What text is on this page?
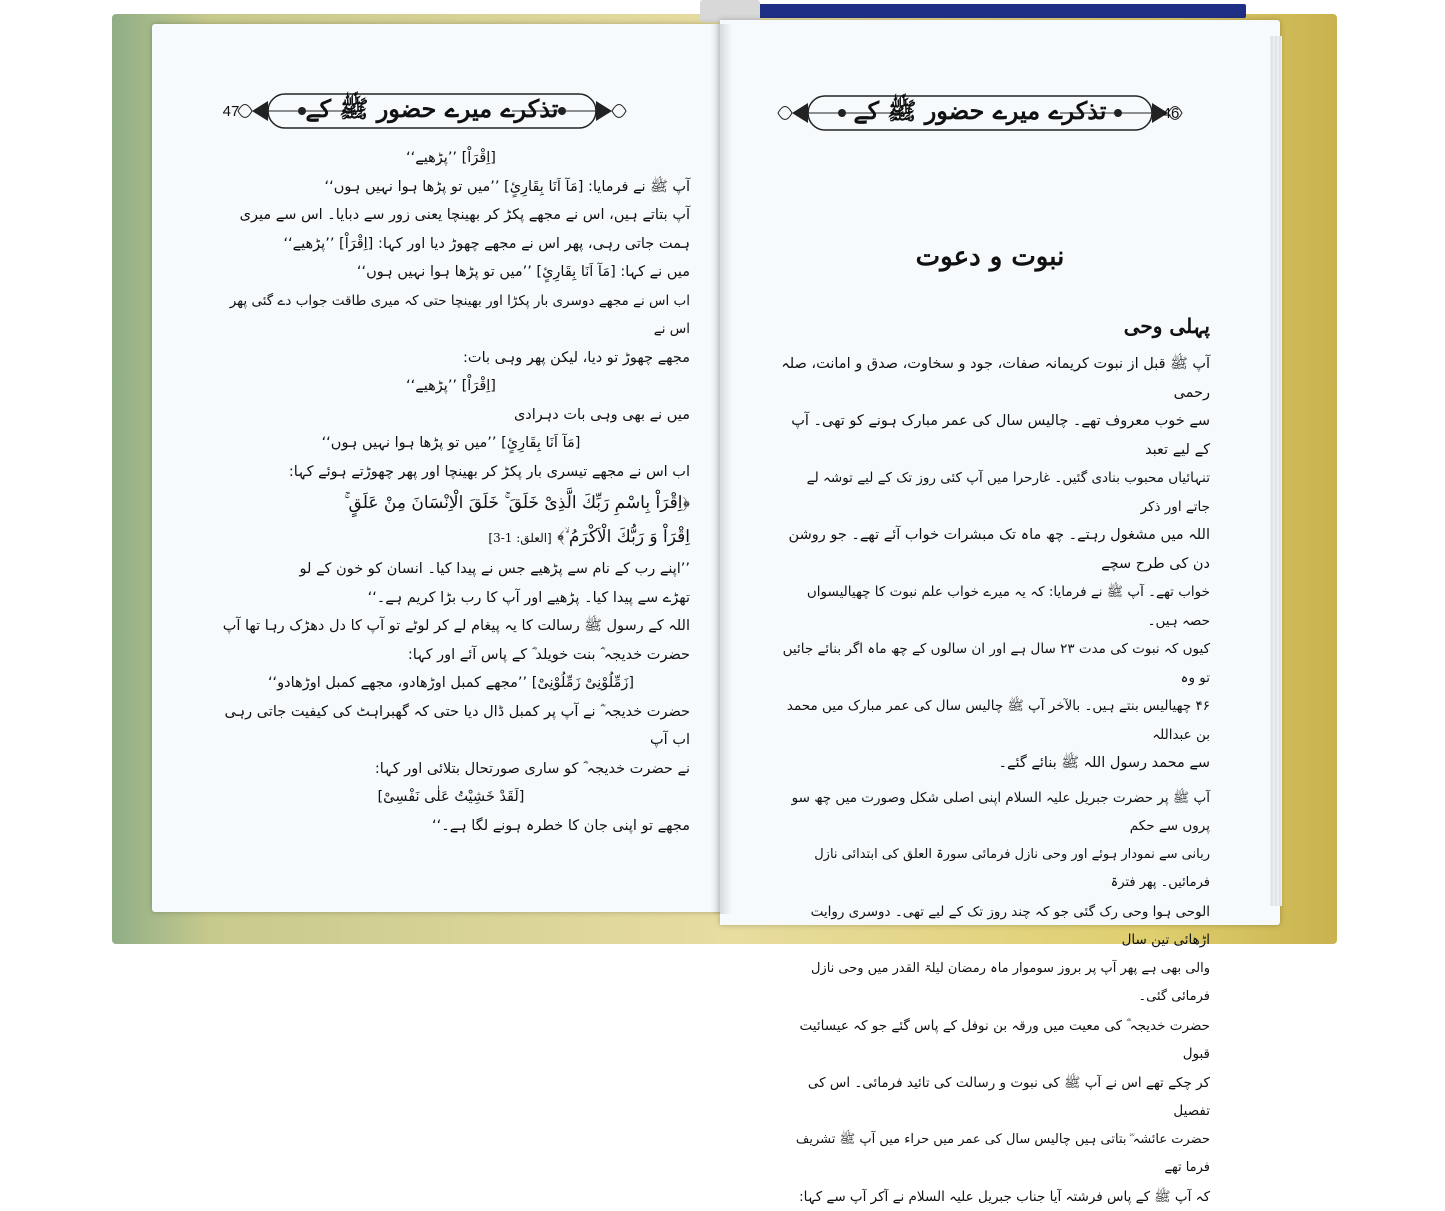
تذکرے میرے حضور ﷺ کے
47

[اِقْرَاْ] ’’پڑھیے‘‘

آپ ﷺ نے فرمایا: [مَآ اَنَا بِقَارِئٍ] ’’میں تو پڑھا ہوا نہیں ہوں‘‘

آپ بتاتے ہیں، اس نے مجھے پکڑ کر بھینچا یعنی زور سے دبایا۔ اس سے میری

ہمت جاتی رہی، پھر اس نے مجھے چھوڑ دیا اور کہا: [اِقْرَاْ] ’’پڑھیے‘‘

میں نے کہا: [مَآ اَنَا بِقَارِئٍ] ’’میں تو پڑھا ہوا نہیں ہوں‘‘

اب اس نے مجھے دوسری بار پکڑا اور بھینچا حتی کہ میری طاقت جواب دے گئی پھر اس نے

مجھے چھوڑ تو دیا، لیکن پھر وہی بات:

[اِقْرَاْ] ’’پڑھیے‘‘

میں نے بھی وہی بات دہرادی

[مَآ اَنَا بِقَارِئٍ] ’’میں تو پڑھا ہوا نہیں ہوں‘‘

اب اس نے مجھے تیسری بار پکڑ کر بھینچا اور پھر چھوڑتے ہوئے کہا:

﴿اِقْرَاْ بِاسْمِ رَبِّكَ الَّذِىْ خَلَقَ ۚ خَلَقَ الْاِنْسَانَ مِنْ عَلَقٍ ۚ

اِقْرَاْ وَ رَبُّكَ الْاَكْرَمُ ۙ﴾ [العلق: 1-3]

’’اپنے رب کے نام سے پڑھیے جس نے پیدا کیا۔ انسان کو خون کے لو

تھڑے سے پیدا کیا۔ پڑھیے اور آپ کا رب بڑا کریم ہے۔‘‘

اللہ کے رسول ﷺ رسالت کا یہ پیغام لے کر لوٹے تو آپ کا دل دھڑک رہا تھا آپ

حضرت خدیجہ ؓ بنت خویلد ؓ کے پاس آئے اور کہا:

[زَمِّلُوْنِىْ زَمِّلُوْنِىْ] ’’مجھے کمبل اوڑھادو، مجھے کمبل اوڑھادو‘‘

حضرت خدیجہ ؓ نے آپ پر کمبل ڈال دیا حتی کہ گھبراہٹ کی کیفیت جاتی رہی اب آپ

نے حضرت خدیجہ ؓ کو ساری صورتحال بتلائی اور کہا:

[لَقَدْ خَشِيْتُ عَلٰى نَفْسِىْ]

مجھے تو اپنی جان کا خطرہ ہونے لگا ہے۔‘‘

تذکرے میرے حضور ﷺ کے	46
نبوت و دعوت
پہلی وحی

آپ ﷺ قبل از نبوت کریمانہ صفات، جود و سخاوت، صدق و امانت، صلہ رحمی

سے خوب معروف تھے۔ چالیس سال کی عمر مبارک ہونے کو تھی۔ آپ کے لیے تعبد

تنہائیاں محبوب بنادی گئیں۔ غارحرا میں آپ کئی روز تک کے لیے توشہ لے جاتے اور ذکر

اللہ میں مشغول رہتے۔ چھ ماہ تک مبشرات خواب آئے تھے۔ جو روشن دن کی طرح سچے

خواب تھے۔ آپ ﷺ نے فرمایا: کہ یہ میرے خواب علم نبوت کا چھیالیسواں حصہ ہیں۔

کیوں کہ نبوت کی مدت ۲۳ سال ہے اور ان سالوں کے چھ ماہ اگر بنائے جائیں تو وہ

۴۶ چھیالیس بنتے ہیں۔ بالآخر آپ ﷺ چالیس سال کی عمر مبارک میں محمد بن عبداللہ

سے محمد رسول اللہ ﷺ بنائے گئے۔

آپ ﷺ پر حضرت جبریل علیہ السلام اپنی اصلی شکل وصورت میں چھ سو پروں سے حکم

ربانی سے نمودار ہوئے اور وحی نازل فرمائی سورۃ العلق کی ابتدائی نازل فرمائیں۔ پھر فترۃ

الوحی ہوا وحی رک گئی جو کہ چند روز تک کے لیے تھی۔ دوسری روایت اڑھائی تین سال

والی بھی ہے پھر آپ پر بروز سوموار ماہ رمضان لیلۃ القدر میں وحی نازل فرمائی گئی۔

حضرت خدیجہ ؓ کی معیت میں ورقہ بن نوفل کے پاس گئے جو کہ عیسائیت قبول

کر چکے تھے اس نے آپ ﷺ کی نبوت و رسالت کی تائید فرمائی۔ اس کی تفصیل

حضرت عائشہ ؓ بتاتی ہیں چالیس سال کی عمر میں حراء میں آپ ﷺ تشریف فرما تھے

کہ آپ ﷺ کے پاس فرشتہ آیا جناب جبریل علیہ السلام نے آکر آپ سے کہا:
